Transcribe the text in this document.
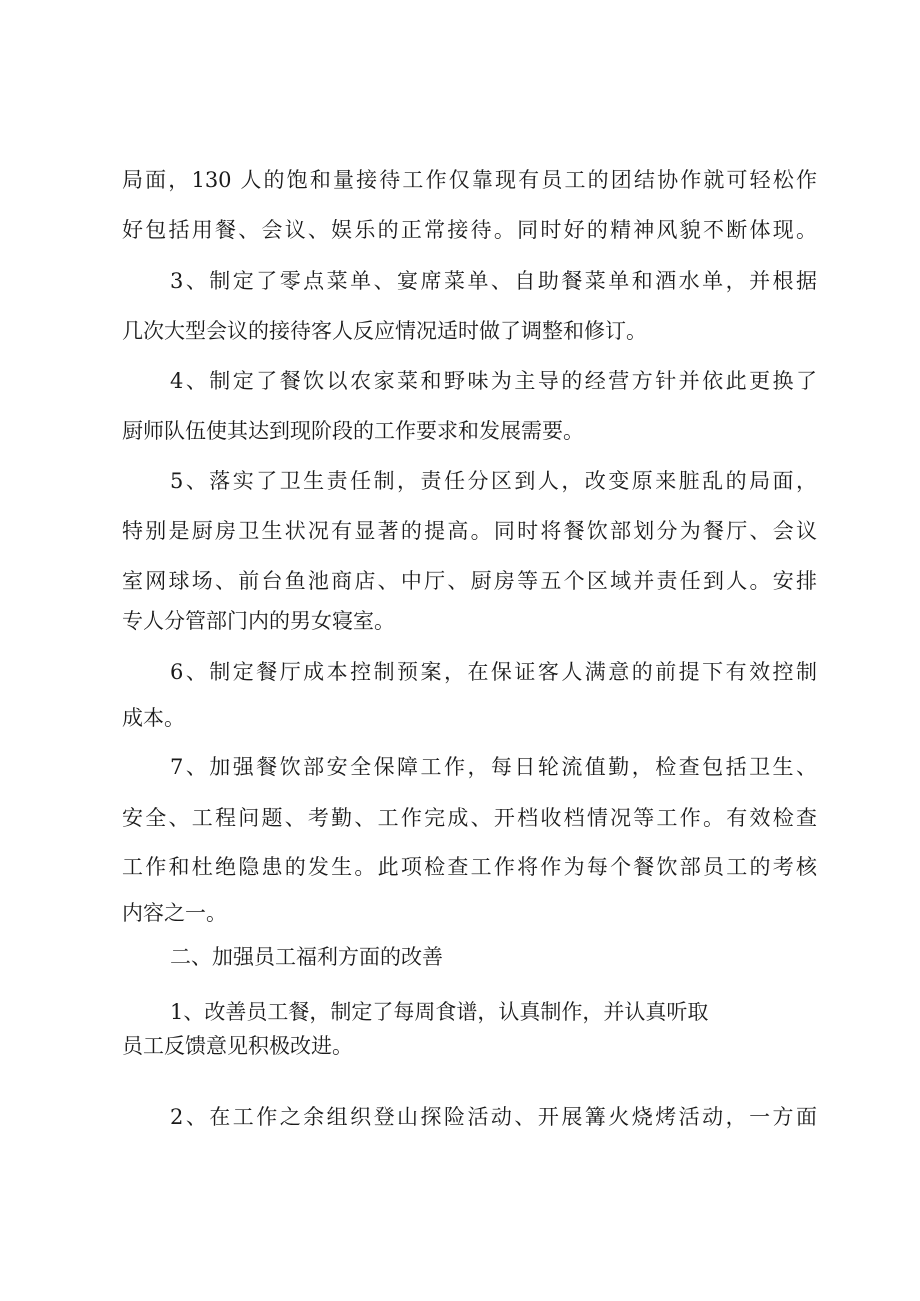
局面，130 人的饱和量接待工作仅靠现有员工的团结协作就可轻松作
好包括用餐、会议、娱乐的正常接待。同时好的精神风貌不断体现。
3、制定了零点菜单、宴席菜单、自助餐菜单和酒水单，并根据
几次大型会议的接待客人反应情况适时做了调整和修订。
4、制定了餐饮以农家菜和野味为主导的经营方针并依此更换了
厨师队伍使其达到现阶段的工作要求和发展需要。
5、落实了卫生责任制，责任分区到人，改变原来脏乱的局面，
特别是厨房卫生状况有显著的提高。同时将餐饮部划分为餐厅、会议
室网球场、前台鱼池商店、中厅、厨房等五个区域并责任到人。安排
专人分管部门内的男女寝室。
6、制定餐厅成本控制预案，在保证客人满意的前提下有效控制
成本。
7、加强餐饮部安全保障工作，每日轮流值勤，检查包括卫生、
安全、工程问题、考勤、工作完成、开档收档情况等工作。有效检查
工作和杜绝隐患的发生。此项检查工作将作为每个餐饮部员工的考核
内容之一。
二、加强员工福利方面的改善
1、改善员工餐，制定了每周食谱，认真制作，并认真听取
员工反馈意见积极改进。
2、在工作之余组织登山探险活动、开展篝火烧烤活动，一方面
